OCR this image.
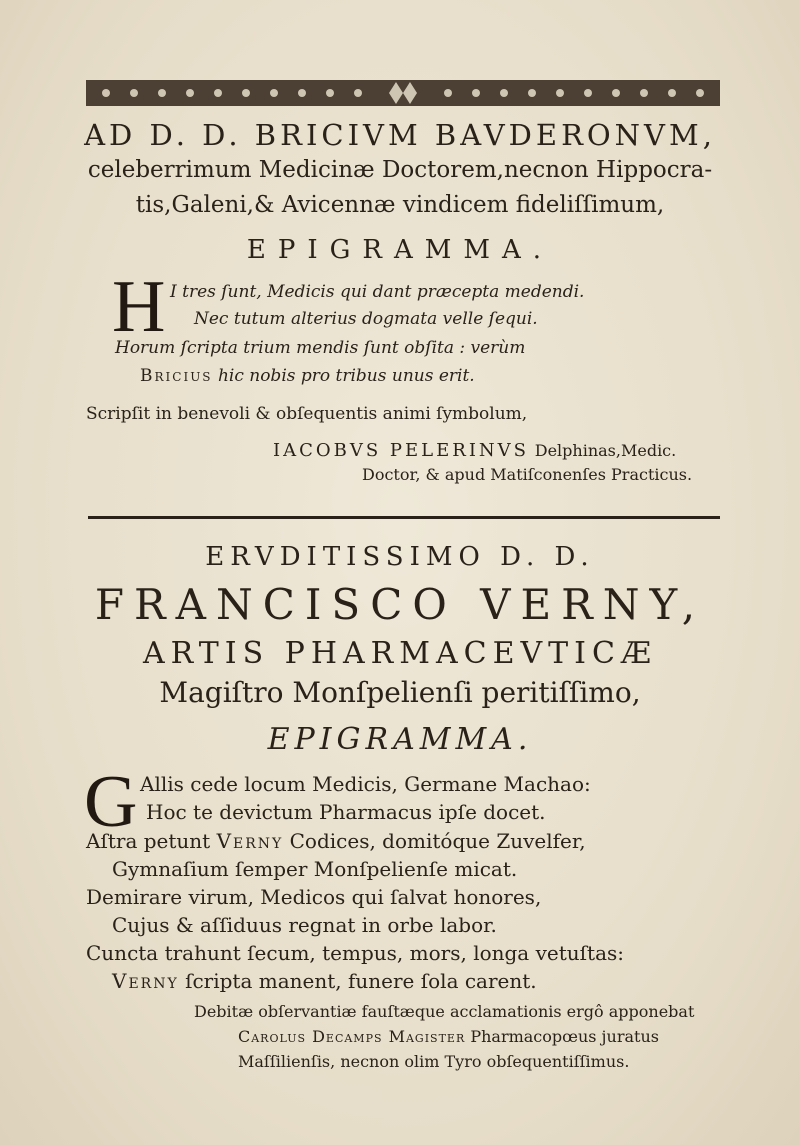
AD D. D. BRICIVM BAVDERONVM,
celeberrimum Medicinæ Doctorem,necnon Hippocra-
tis,Galeni,& Avicennæ vindicem fideliſſimum,
EPIGRAMMA.
H I tres ſunt, Medicis qui dant præcepta medendi.
Nec tutum alterius dogmata velle ſequi.
Horum ſcripta trium mendis ſunt obſita : verùm
Bricius hic nobis pro tribus unus erit.
Scripſit in benevoli & obſequentis animi ſymbolum,
IACOBVS PELERINVS Delphinas,Medic.
Doctor, & apud Matiſconenſes Practicus.
ERVDITISSIMO D. D.
FRANCISCO VERNY,
ARTIS PHARMACEVTICÆ
Magiſtro Monſpelienſi peritiſſimo,
EPIGRAMMA.
G Allis cede locum Medicis, Germane Machao:
Hoc te devictum Pharmacus ipſe docet.
Aſtra petunt Verny Codices, domitóque Zuvelfer,
Gymnaſium ſemper Monſpelienſe micat.
Demirare virum, Medicos qui ſalvat honores,
Cujus & aſſiduus regnat in orbe labor.
Cuncta trahunt ſecum, tempus, mors, longa vetuſtas:
Verny ſcripta manent, funere ſola carent.
Debitæ obſervantiæ fauſtæque acclamationis ergô apponebat
Carolus Decamps Magiſter Pharmacopœus juratus
Maſſilienſis, necnon olim Tyro obſequentiſſimus.
